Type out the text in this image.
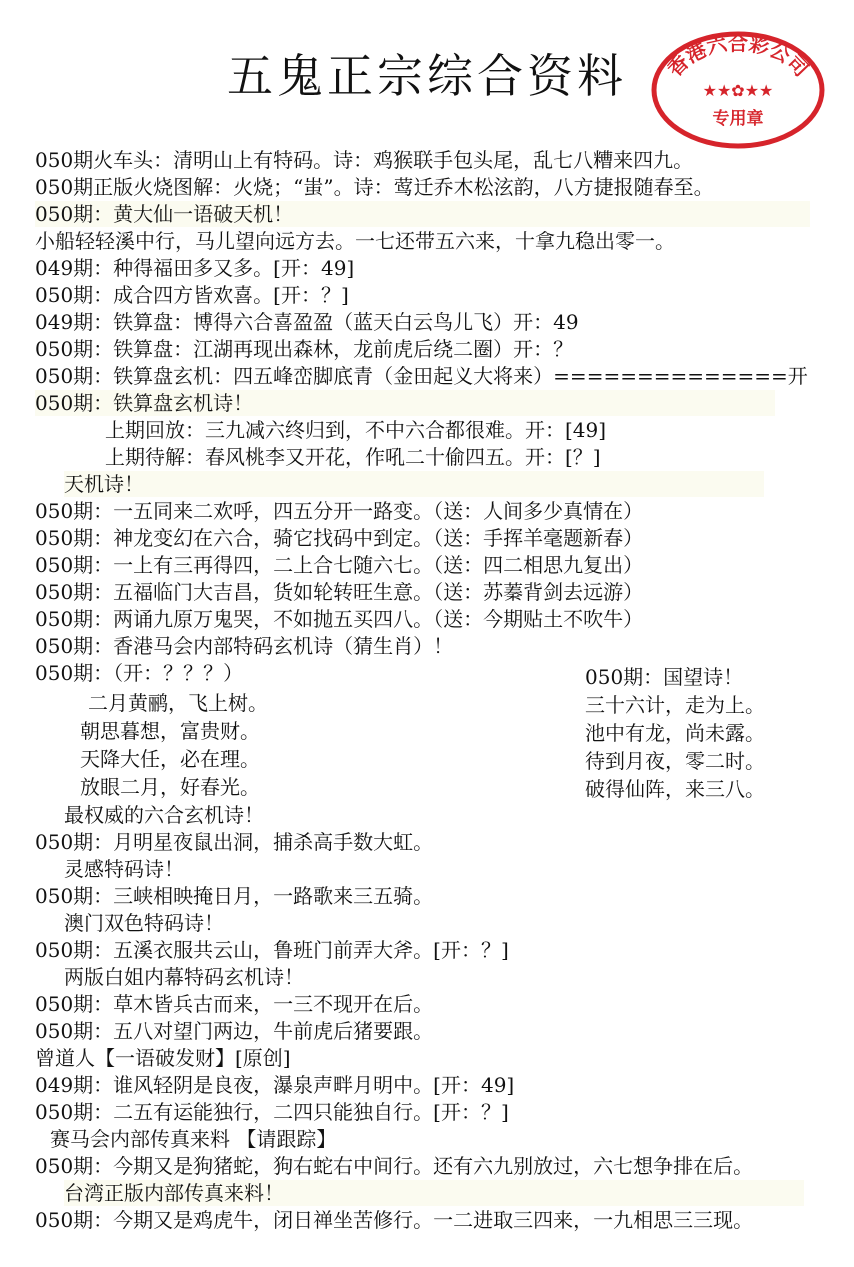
五鬼正宗综合资料	香港六合彩公司
★★✿★★
专用章
050期火车头：清明山上有特码。诗：鸡猴联手包头尾，乱七八糟来四九。
050期正版火烧图解：火烧；“蚩”。诗：莺迁乔木松泫韵，八方捷报随春至。
050期：黄大仙一语破天机！
小船轻轻溪中行，马儿望向远方去。一七还带五六来，十拿九稳出零一。
049期：种得福田多又多。[开：49]
050期：成合四方皆欢喜。[开：？]
049期：铁算盘：博得六合喜盈盈（蓝天白云鸟儿飞）开：49
050期：铁算盘：江湖再现出森林，龙前虎后绕二圈）开：？
050期：铁算盘玄机：四五峰峦脚底青（金田起义大将来）==============开
050期：铁算盘玄机诗！
上期回放：三九减六终归到，不中六合都很难。开：[49]
上期待解：春风桃李又开花，作吼二十偷四五。开：[？]
天机诗！
050期：一五同来二欢呼，四五分开一路变。（送：人间多少真情在）
050期：神龙变幻在六合，骑它找码中到定。（送：手挥羊毫题新春）
050期：一上有三再得四，二上合七随六七。（送：四二相思九复出）
050期：五福临门大吉昌，货如轮转旺生意。（送：苏蓁背剑去远游）
050期：两诵九原万鬼哭，不如抛五买四八。（送：今期贴土不吹牛）
050期：香港马会内部特码玄机诗（猜生肖）！
050期：（开：？？？）
二月黄鹂，飞上树。
朝思暮想，富贵财。
天降大任，必在理。
放眼二月，好春光。
最权威的六合玄机诗！
050期：月明星夜鼠出洞，捕杀高手数大虹。
灵感特码诗！
050期：三峡相映掩日月，一路歌来三五骑。
澳门双色特码诗！
050期：五溪衣服共云山，鲁班门前弄大斧。[开：？]
两版白姐内幕特码玄机诗！
050期：草木皆兵古而来，一三不现开在后。
050期：五八对望门两边，牛前虎后猪要跟。
曾道人【一语破发财】[原创]
049期：谁风轻阴是良夜，瀑泉声畔月明中。[开：49]
050期：二五有运能独行，二四只能独自行。[开：？]
赛马会内部传真来料 【请跟踪】
050期：今期又是狗猪蛇，狗右蛇右中间行。还有六九别放过，六七想争排在后。
台湾正版内部传真来料！
050期：今期又是鸡虎牛，闭日禅坐苦修行。一二进取三四来，一九相思三三现。
050期：国望诗！
三十六计，走为上。
池中有龙，尚未露。
待到月夜，零二时。
破得仙阵，来三八。
